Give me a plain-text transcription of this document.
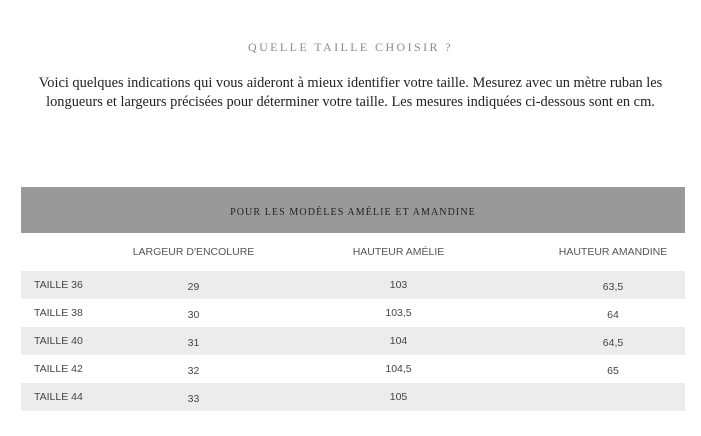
QUELLE TAILLE CHOISIR ?
Voici quelques indications qui vous aideront à mieux identifier votre taille. Mesurez avec un mètre ruban les longueurs et largeurs précisées pour déterminer votre taille. Les mesures indiquées ci-dessous sont en cm.
POUR LES MODÈLES AMÉLIE ET AMANDINE
LARGEUR D'ENCOLURE	HAUTEUR AMÉLIE	HAUTEUR AMANDINE
TAILLE 36	29	103	63,5
TAILLE 38	30	103,5	64
TAILLE 40	31	104	64,5
TAILLE 42	32	104,5	65
TAILLE 44	33	105
